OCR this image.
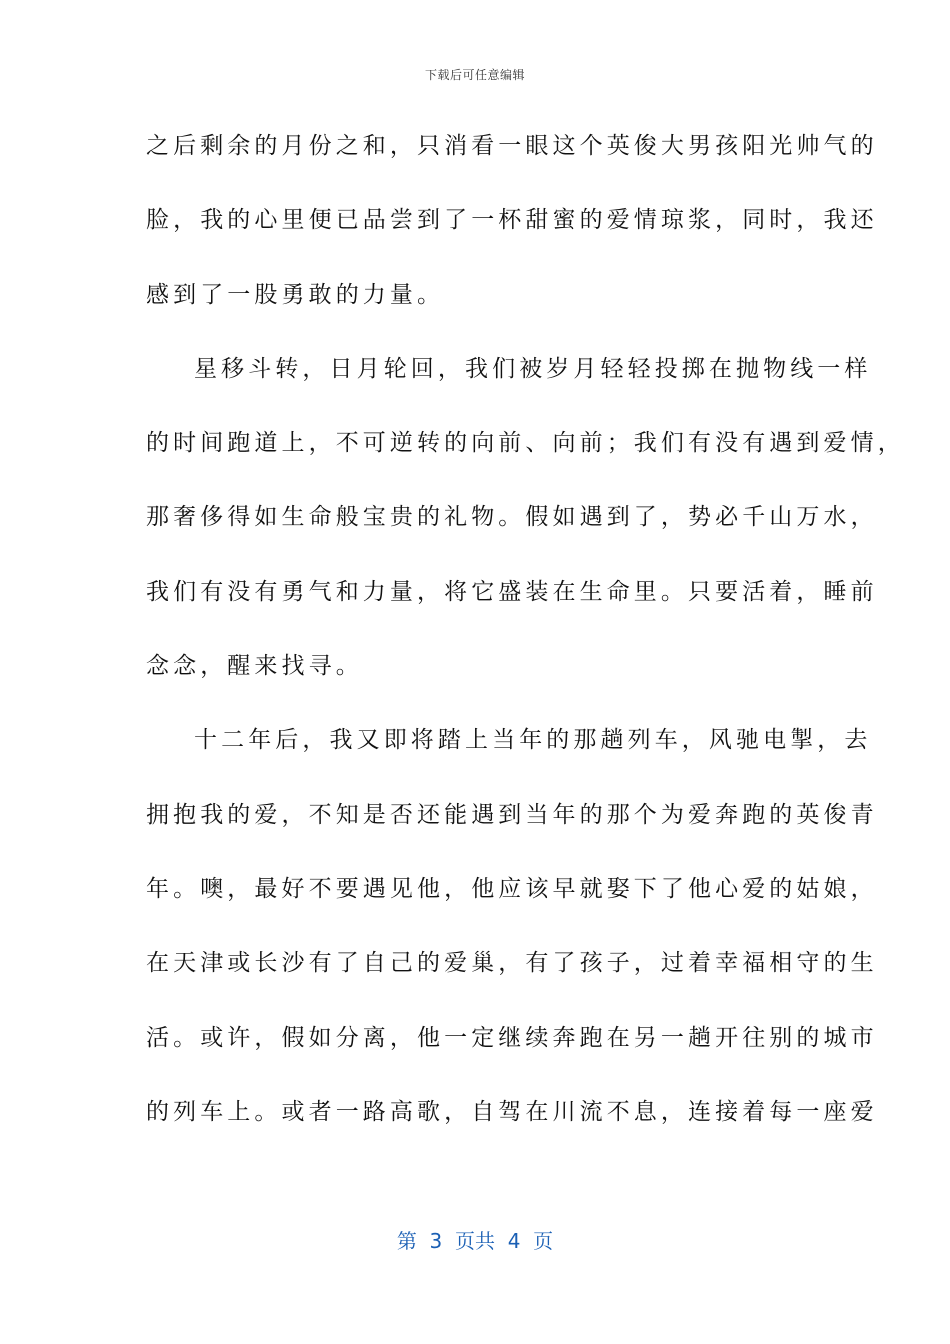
下载后可任意编辑
之后剩余的月份之和，只消看一眼这个英俊大男孩阳光帅气的
脸，我的心里便已品尝到了一杯甜蜜的爱情琼浆，同时，我还
感到了一股勇敢的力量。
星移斗转，日月轮回，我们被岁月轻轻投掷在抛物线一样
的时间跑道上，不可逆转的向前、向前；我们有没有遇到爱情，
那奢侈得如生命般宝贵的礼物。假如遇到了，势必千山万水，
我们有没有勇气和力量，将它盛装在生命里。只要活着，睡前
念念，醒来找寻。
十二年后，我又即将踏上当年的那趟列车，风驰电掣，去
拥抱我的爱，不知是否还能遇到当年的那个为爱奔跑的英俊青
年。噢，最好不要遇见他，他应该早就娶下了他心爱的姑娘，
在天津或长沙有了自己的爱巢，有了孩子，过着幸福相守的生
活。或许，假如分离，他一定继续奔跑在另一趟开往别的城市
的列车上。或者一路高歌，自驾在川流不息，连接着每一座爱
第  3  页共  4  页
